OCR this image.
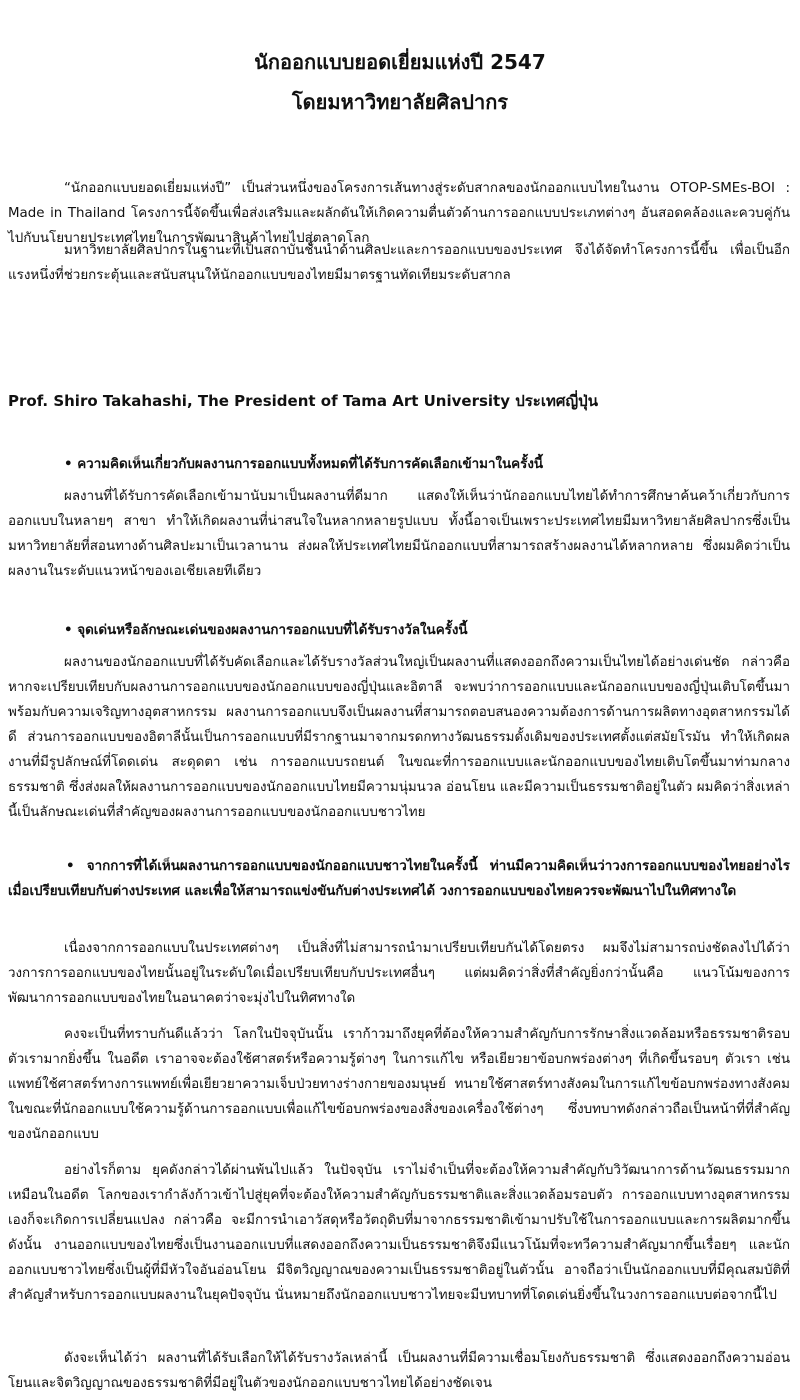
นักออกแบบยอดเยี่ยมแห่งปี 2547
โดยมหาวิทยาลัยศิลปากร

“นักออกแบบยอดเยี่ยมแห่งปี” เป็นส่วนหนึ่งของโครงการเส้นทางสู่ระดับสากลของนักออกแบบไทยในงาน OTOP-SMEs-BOI : Made in Thailand โครงการนี้จัดขึ้นเพื่อส่งเสริมและผลักดันให้เกิดความตื่นตัวด้านการออกแบบประเภทต่างๆ อันสอดคล้องและควบคู่กันไปกับนโยบายประเทศไทยในการพัฒนาสินค้าไทยไปสู่ตลาดโลก

มหาวิทยาลัยศิลปากรในฐานะที่เป็นสถาบันชั้นนำด้านศิลปะและการออกแบบของประเทศ จึงได้จัดทำโครงการนี้ขึ้น เพื่อเป็นอีกแรงหนึ่งที่ช่วยกระตุ้นและสนับสนุนให้นักออกแบบของไทยมีมาตรฐานทัดเทียมระดับสากล

Prof. Shiro Takahashi, The President of Tama Art University ประเทศญี่ปุ่น

• ความคิดเห็นเกี่ยวกับผลงานการออกแบบทั้งหมดที่ได้รับการคัดเลือกเข้ามาในครั้งนี้

ผลงานที่ได้รับการคัดเลือกเข้ามานับมาเป็นผลงานที่ดีมาก แสดงให้เห็นว่านักออกแบบไทยได้ทำการศึกษาค้นคว้าเกี่ยวกับการออกแบบในหลายๆ สาขา ทำให้เกิดผลงานที่น่าสนใจในหลากหลายรูปแบบ ทั้งนี้อาจเป็นเพราะประเทศไทยมีมหาวิทยาลัยศิลปากรซึ่งเป็นมหาวิทยาลัยที่สอนทางด้านศิลปะมาเป็นเวลานาน ส่งผลให้ประเทศไทยมีนักออกแบบที่สามารถสร้างผลงานได้หลากหลาย ซึ่งผมคิดว่าเป็นผลงานในระดับแนวหน้าของเอเชียเลยทีเดียว

• จุดเด่นหรือลักษณะเด่นของผลงานการออกแบบที่ได้รับรางวัลในครั้งนี้

ผลงานของนักออกแบบที่ได้รับคัดเลือกและได้รับรางวัลส่วนใหญ่เป็นผลงานที่แสดงออกถึงความเป็นไทยได้อย่างเด่นชัด กล่าวคือ หากจะเปรียบเทียบกับผลงานการออกแบบของนักออกแบบของญี่ปุ่นและอิตาลี จะพบว่าการออกแบบและนักออกแบบของญี่ปุ่นเติบโตขึ้นมาพร้อมกับความเจริญทางอุตสาหกรรม ผลงานการออกแบบจึงเป็นผลงานที่สามารถตอบสนองความต้องการด้านการผลิตทางอุตสาหกรรมได้ดี ส่วนการออกแบบของอิตาลีนั้นเป็นการออกแบบที่มีรากฐานมาจากมรดกทางวัฒนธรรมดั้งเดิมของประเทศตั้งแต่สมัยโรมัน ทำให้เกิดผลงานที่มีรูปลักษณ์ที่โดดเด่น สะดุดตา เช่น การออกแบบรถยนต์ ในขณะที่การออกแบบและนักออกแบบของไทยเติบโตขึ้นมาท่ามกลางธรรมชาติ ซึ่งส่งผลให้ผลงานการออกแบบของนักออกแบบไทยมีความนุ่มนวล อ่อนโยน และมีความเป็นธรรมชาติอยู่ในตัว ผมคิดว่าสิ่งเหล่านี้เป็นลักษณะเด่นที่สำคัญของผลงานการออกแบบของนักออกแบบชาวไทย

• จากการที่ได้เห็นผลงานการออกแบบของนักออกแบบชาวไทยในครั้งนี้ ท่านมีความคิดเห็นว่าวงการออกแบบของไทยอย่างไรเมื่อเปรียบเทียบกับต่างประเทศ และเพื่อให้สามารถแข่งขันกับต่างประเทศได้ วงการออกแบบของไทยควรจะพัฒนาไปในทิศทางใด

เนื่องจากการออกแบบในประเทศต่างๆ เป็นสิ่งที่ไม่สามารถนำมาเปรียบเทียบกันได้โดยตรง ผมจึงไม่สามารถบ่งชัดลงไปได้ว่าวงการการออกแบบของไทยนั้นอยู่ในระดับใดเมื่อเปรียบเทียบกับประเทศอื่นๆ แต่ผมคิดว่าสิ่งที่สำคัญยิ่งกว่านั้นคือ แนวโน้มของการพัฒนาการออกแบบของไทยในอนาคตว่าจะมุ่งไปในทิศทางใด

คงจะเป็นที่ทราบกันดีแล้วว่า โลกในปัจจุบันนั้น เราก้าวมาถึงยุคที่ต้องให้ความสำคัญกับการรักษาสิ่งแวดล้อมหรือธรรมชาติรอบตัวเรามากยิ่งขึ้น ในอดีต เราอาจจะต้องใช้ศาสตร์หรือความรู้ต่างๆ ในการแก้ไข หรือเยียวยาข้อบกพร่องต่างๆ ที่เกิดขึ้นรอบๆ ตัวเรา เช่น แพทย์ใช้ศาสตร์ทางการแพทย์เพื่อเยียวยาความเจ็บป่วยทางร่างกายของมนุษย์ ทนายใช้ศาสตร์ทางสังคมในการแก้ไขข้อบกพร่องทางสังคม ในขณะที่นักออกแบบใช้ความรู้ด้านการออกแบบเพื่อแก้ไขข้อบกพร่องของสิ่งของเครื่องใช้ต่างๆ ซึ่งบทบาทดังกล่าวถือเป็นหน้าที่ที่สำคัญของนักออกแบบ

อย่างไรก็ตาม ยุคดังกล่าวได้ผ่านพ้นไปแล้ว ในปัจจุบัน เราไม่จำเป็นที่จะต้องให้ความสำคัญกับวิวัฒนาการด้านวัฒนธรรมมากเหมือนในอดีต โลกของเรากำลังก้าวเข้าไปสู่ยุคที่จะต้องให้ความสำคัญกับธรรมชาติและสิ่งแวดล้อมรอบตัว การออกแบบทางอุตสาหกรรมเองก็จะเกิดการเปลี่ยนแปลง กล่าวคือ จะมีการนำเอาวัสดุหรือวัตถุดิบที่มาจากธรรมชาติเข้ามาปรับใช้ในการออกแบบและการผลิตมากขึ้น ดังนั้น งานออกแบบของไทยซึ่งเป็นงานออกแบบที่แสดงออกถึงความเป็นธรรมชาติจึงมีแนวโน้มที่จะทวีความสำคัญมากขึ้นเรื่อยๆ และนักออกแบบชาวไทยซึ่งเป็นผู้ที่มีหัวใจอันอ่อนโยน มีจิตวิญญาณของความเป็นธรรมชาติอยู่ในตัวนั้น อาจถือว่าเป็นนักออกแบบที่มีคุณสมบัติที่สำคัญสำหรับการออกแบบผลงานในยุคปัจจุบัน นั่นหมายถึงนักออกแบบชาวไทยจะมีบทบาทที่โดดเด่นยิ่งขึ้นในวงการออกแบบต่อจากนี้ไป

ดังจะเห็นได้ว่า ผลงานที่ได้รับเลือกให้ได้รับรางวัลเหล่านี้ เป็นผลงานที่มีความเชื่อมโยงกับธรรมชาติ ซึ่งแสดงออกถึงความอ่อนโยนและจิตวิญญาณของธรรมชาติที่มีอยู่ในตัวของนักออกแบบชาวไทยได้อย่างชัดเจน
